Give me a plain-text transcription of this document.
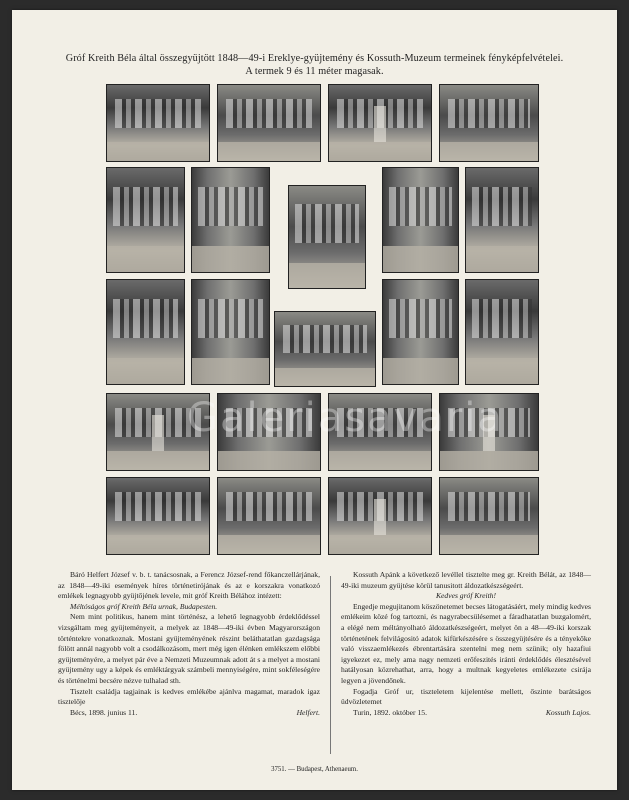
Gróf Kreith Béla által összegyüjtött 1848—49-i Ereklye-gyüjtemény és Kossuth-Muzeum termeinek fényképfelvételei.
A termek 9 és 11 méter magasak.
Galeriasavaria

Báró Helfert József v. b. t. tanácsosnak, a Ferencz József-rend főkanczellárjának, az 1848—49-iki események híres történetirójának és az e korszakra vonatkozó emlékek legnagyobb gyüjtőjének levele, mit gróf Kreith Bélához intézett:

Méltóságos gróf Kreith Béla urnak, Budapesten.

Nem mint politikus, hanem mint történész, a lehető legnagyobb érdeklődéssel vizsgáltam meg gyüjteményeit, a melyek az 1848—49-iki évben Magyarországon történtekre vonatkoznak. Mostani gyüjteményének részint beláthatatlan gazdagsága fölött annál nagyobb volt a csodálkozásom, mert még igen élénken emlékszem előbbi gyüjteményére, a melyet pár éve a Nemzeti Muzeumnak adott át s a melyet a mostani gyüjtemény ugy a képek és emléktárgyak számbeli mennyiségére, mint sokféleségére és történelmi becsére nézve tulhalad sth.

Tisztelt családja tagjainak is kedves emlékébe ajánlva magamat, maradok igaz tisztelője

Bécs, 1898. junius 11.	Helfert.

Kossuth Apánk a következő levéllel tisztelte meg gr. Kreith Bélát, az 1848—49-iki muzeum gyüjtése körül tanusitott áldozatkészségeért.

Kedves gróf Kreith!

Engedje megujitanom köszönetemet becses látogatásáért, mely mindig kedves emlékeim közé fog tartozni, és nagyrabecsülésemet a fáradhatatlan buzgalomért, a elégé nem méltányolható áldozatkészségeért, melyet ön a 48—49-iki korszak történetének felvilágositó adatok kifürkészésére s összegyüjtésére és a tényekőke való visszaemlékezés ébrentartására szentelni meg nem szünik; oly hazafiui igyekezet ez, mely ama nagy nemzeti erőfeszités iránti érdeklődés élesztésével hatályosan közrehathat, arra, hogy a multnak kegyeletes emlékezete csirája legyen a jövendőnek.

Fogadja Gróf ur, tiszteletem kijelentése mellett, őszinte barátságos üdvözletemet

Turin, 1892. október 15.	Kossuth Lajos.
3751. — Budapest, Athenaeum.
